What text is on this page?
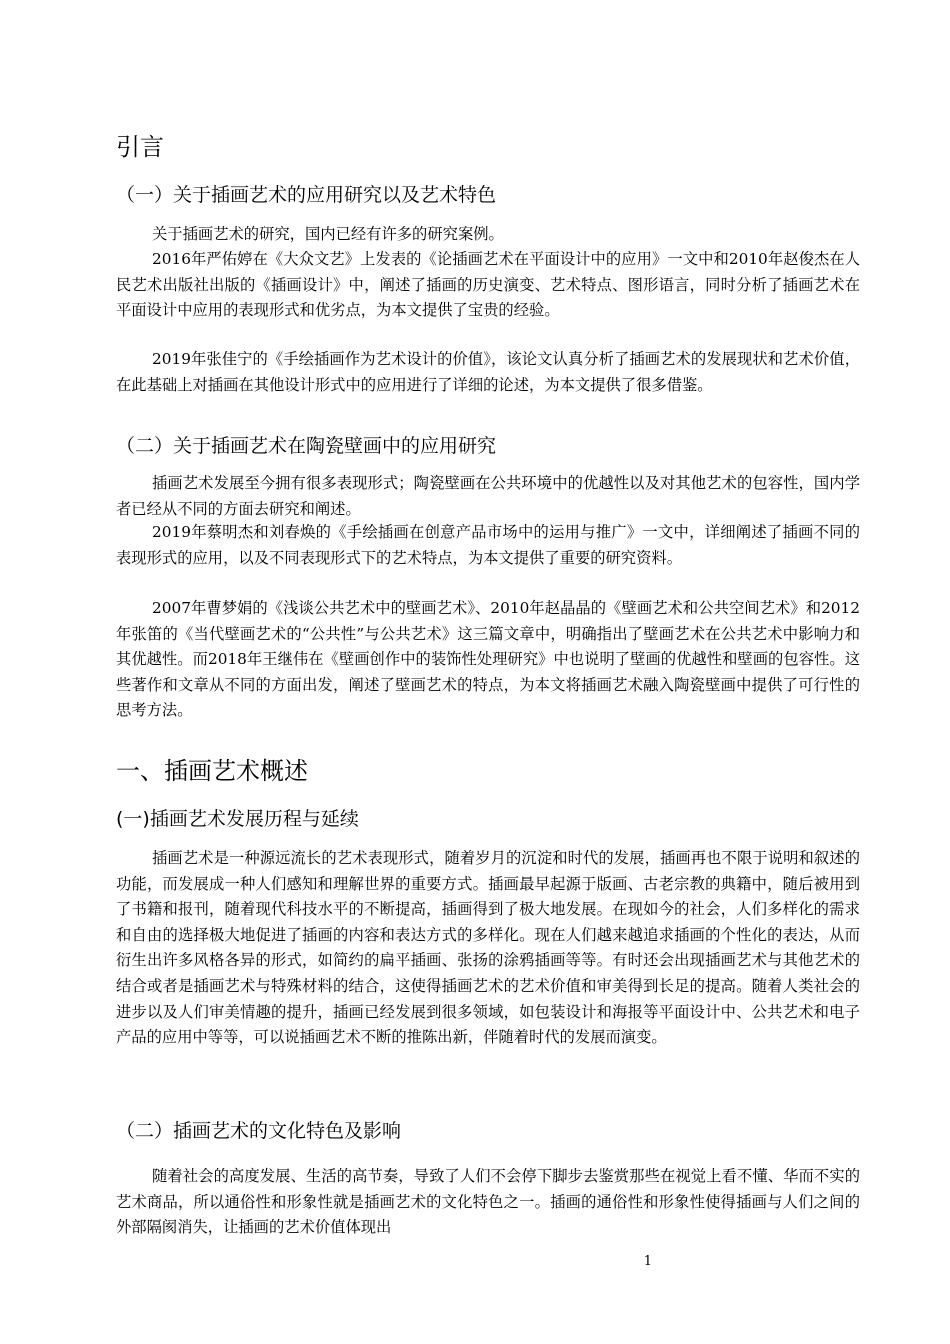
引言
（一）关于插画艺术的应用研究以及艺术特色

关于插画艺术的研究，国内已经有许多的研究案例。

2016年严佑婷在《大众文艺》上发表的《论插画艺术在平面设计中的应用》一文中和2010年赵俊杰在人民艺术出版社出版的《插画设计》中，阐述了插画的历史演变、艺术特点、图形语言，同时分析了插画艺术在平面设计中应用的表现形式和优劣点，为本文提供了宝贵的经验。

2019年张佳宁的《手绘插画作为艺术设计的价值》，该论文认真分析了插画艺术的发展现状和艺术价值，在此基础上对插画在其他设计形式中的应用进行了详细的论述，为本文提供了很多借鉴。

（二）关于插画艺术在陶瓷壁画中的应用研究

插画艺术发展至今拥有很多表现形式；陶瓷壁画在公共环境中的优越性以及对其他艺术的包容性，国内学者已经从不同的方面去研究和阐述。

2019年蔡明杰和刘春焕的《手绘插画在创意产品市场中的运用与推广》一文中，详细阐述了插画不同的表现形式的应用，以及不同表现形式下的艺术特点，为本文提供了重要的研究资料。

2007年曹梦娟的《浅谈公共艺术中的壁画艺术》、2010年赵晶晶的《壁画艺术和公共空间艺术》和2012年张笛的《当代壁画艺术的“公共性”与公共艺术》这三篇文章中，明确指出了壁画艺术在公共艺术中影响力和其优越性。而2018年王继伟在《壁画创作中的装饰性处理研究》中也说明了壁画的优越性和壁画的包容性。这些著作和文章从不同的方面出发，阐述了壁画艺术的特点，为本文将插画艺术融入陶瓷壁画中提供了可行性的思考方法。

一、插画艺术概述
(一)插画艺术发展历程与延续

插画艺术是一种源远流长的艺术表现形式，随着岁月的沉淀和时代的发展，插画再也不限于说明和叙述的功能，而发展成一种人们感知和理解世界的重要方式。插画最早起源于版画、古老宗教的典籍中，随后被用到了书籍和报刊，随着现代科技水平的不断提高，插画得到了极大地发展。在现如今的社会，人们多样化的需求和自由的选择极大地促进了插画的内容和表达方式的多样化。现在人们越来越追求插画的个性化的表达，从而衍生出许多风格各异的形式，如简约的扁平插画、张扬的涂鸦插画等等。有时还会出现插画艺术与其他艺术的结合或者是插画艺术与特殊材料的结合，这使得插画艺术的艺术价值和审美得到长足的提高。随着人类社会的进步以及人们审美情趣的提升，插画已经发展到很多领域，如包装设计和海报等平面设计中、公共艺术和电子产品的应用中等等，可以说插画艺术不断的推陈出新，伴随着时代的发展而演变。

（二）插画艺术的文化特色及影响

随着社会的高度发展、生活的高节奏，导致了人们不会停下脚步去鉴赏那些在视觉上看不懂、华而不实的艺术商品，所以通俗性和形象性就是插画艺术的文化特色之一。插画的通俗性和形象性使得插画与人们之间的外部隔阂消失，让插画的艺术价值体现出

1
